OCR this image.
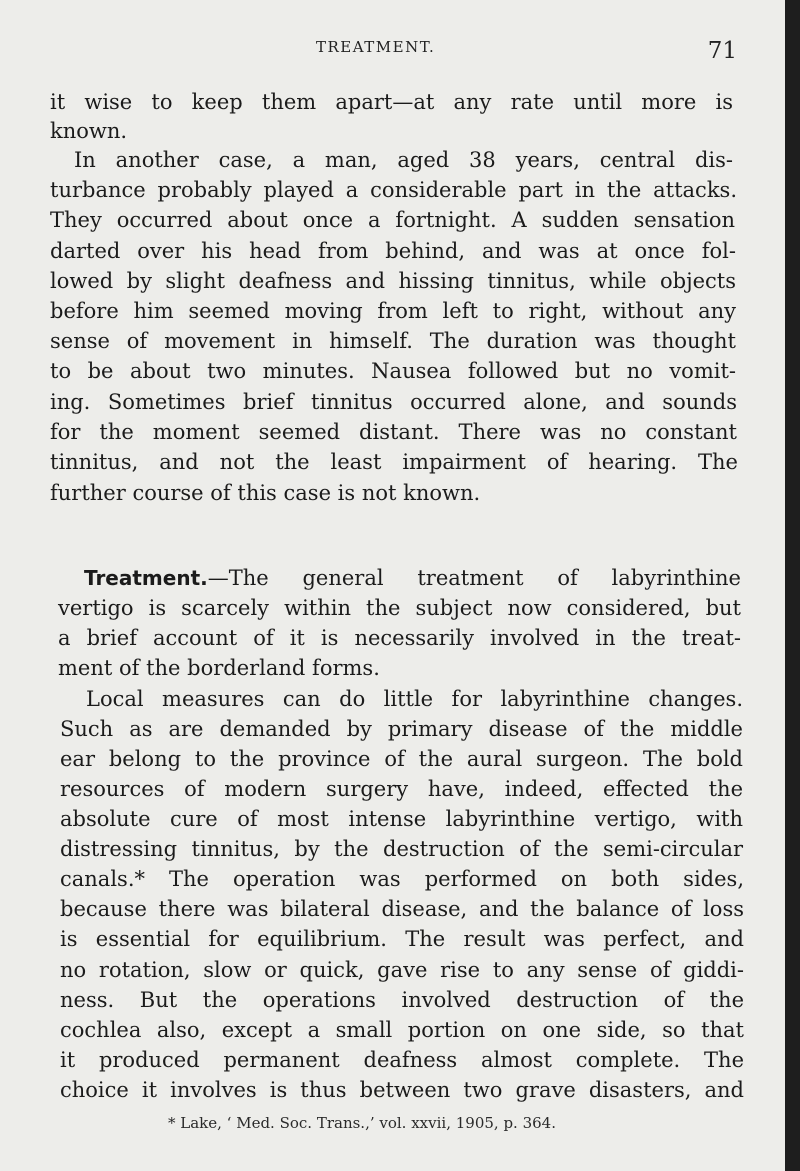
TREATMENT.	71
it wise to keep them apart—at any rate until more is
known.
In another case, a man, aged 38 years, central dis-
turbance probably played a considerable part in the attacks.
They occurred about once a fortnight. A sudden sensation
darted over his head from behind, and was at once fol-
lowed by slight deafness and hissing tinnitus, while objects
before him seemed moving from left to right, without any
sense of movement in himself. The duration was thought
to be about two minutes. Nausea followed but no vomit-
ing. Sometimes brief tinnitus occurred alone, and sounds
for the moment seemed distant. There was no constant
tinnitus, and not the least impairment of hearing. The
further course of this case is not known.
Treatment.—The general treatment of labyrinthine
vertigo is scarcely within the subject now considered, but
a brief account of it is necessarily involved in the treat-
ment of the borderland forms.
Local measures can do little for labyrinthine changes.
Such as are demanded by primary disease of the middle
ear belong to the province of the aural surgeon. The bold
resources of modern surgery have, indeed, effected the
absolute cure of most intense labyrinthine vertigo, with
distressing tinnitus, by the destruction of the semi-circular
canals.* The operation was performed on both sides,
because there was bilateral disease, and the balance of loss
is essential for equilibrium. The result was perfect, and
no rotation, slow or quick, gave rise to any sense of giddi-
ness. But the operations involved destruction of the
cochlea also, except a small portion on one side, so that
it produced permanent deafness almost complete. The
choice it involves is thus between two grave disasters, and
* Lake, ‘ Med. Soc. Trans.,’ vol. xxvii, 1905, p. 364.
